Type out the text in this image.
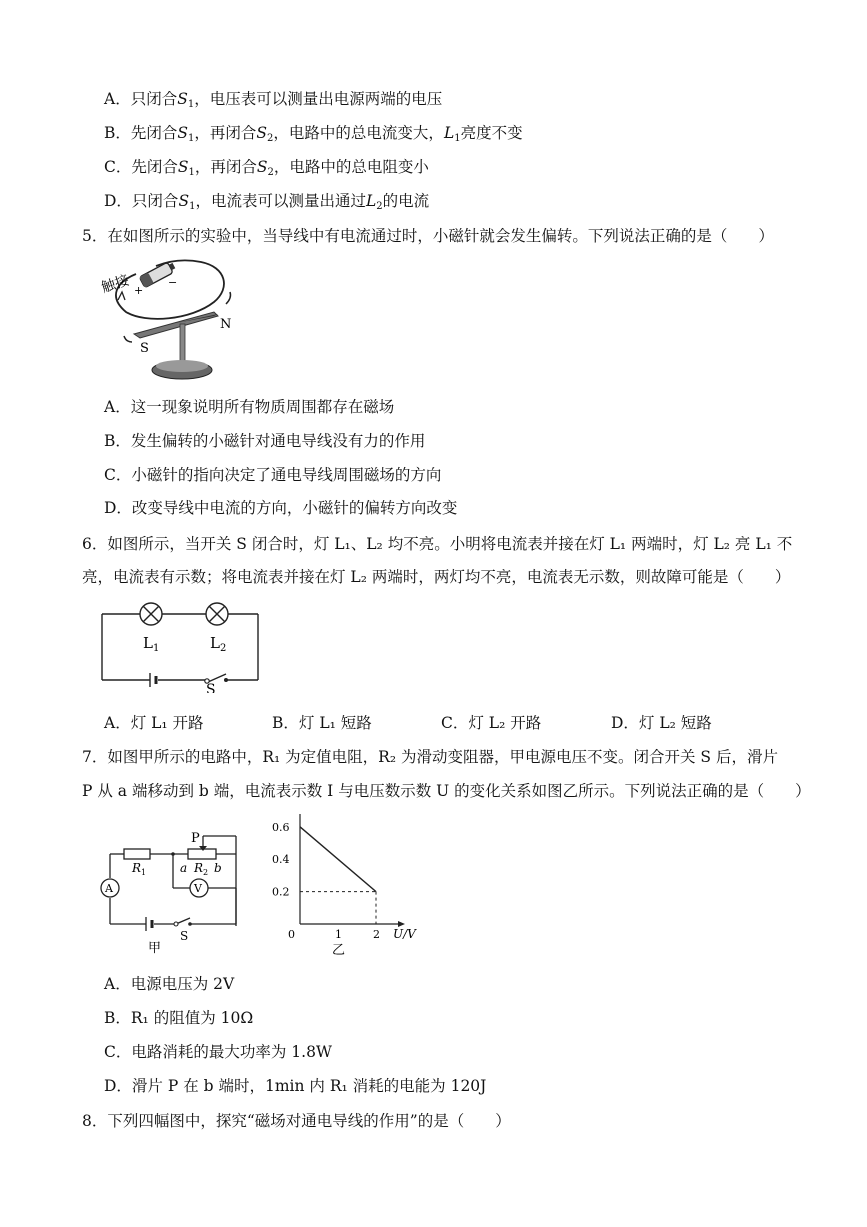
A．只闭合$S_1$，电压表可以测量出电源两端的电压
B．先闭合$S_1$，再闭合$S_2$，电路中的总电流变大，$L_1$亮度不变
C．先闭合$S_1$，再闭合$S_2$，电路中的总电阻变小
D．只闭合$S_1$，电流表可以测量出通过$L_2$的电流
5．在如图所示的实验中，当导线中有电流通过时，小磁针就会发生偏转。下列说法正确的是（　　）
+
−
触接
N
S
A．这一现象说明所有物质周围都存在磁场
B．发生偏转的小磁针对通电导线没有力的作用
C．小磁针的指向决定了通电导线周围磁场的方向
D．改变导线中电流的方向，小磁针的偏转方向改变
6．如图所示，当开关 S 闭合时，灯 L₁、L₂ 均不亮。小明将电流表并接在灯 L₁ 两端时，灯 L₂ 亮 L₁ 不
亮，电流表有示数；将电流表并接在灯 L₂ 两端时，两灯均不亮，电流表无示数，则故障可能是（　　）
$L_1$	$L_2$
S
A．灯 L₁ 开路	B．灯 L₁ 短路	C．灯 L₂ 开路	D．灯 L₂ 短路
7．如图甲所示的电路中，R₁ 为定值电阻，R₂ 为滑动变阻器，甲电源电压不变。闭合开关 S 后，滑片
P 从 a 端移动到 b 端，电流表示数 I 与电压数示数 U 的变化关系如图乙所示。下列说法正确的是（　　）
P
$R_1$	a $R_2$ b
A	V
S
甲
U/V
0	1	2
0.2
0.4
0.6
乙
A．电源电压为 2V
B．R₁ 的阻值为 10Ω
C．电路消耗的最大功率为 1.8W
D．滑片 P 在 b 端时，1min 内 R₁ 消耗的电能为 120J
8．下列四幅图中，探究“磁场对通电导线的作用”的是（　　）
